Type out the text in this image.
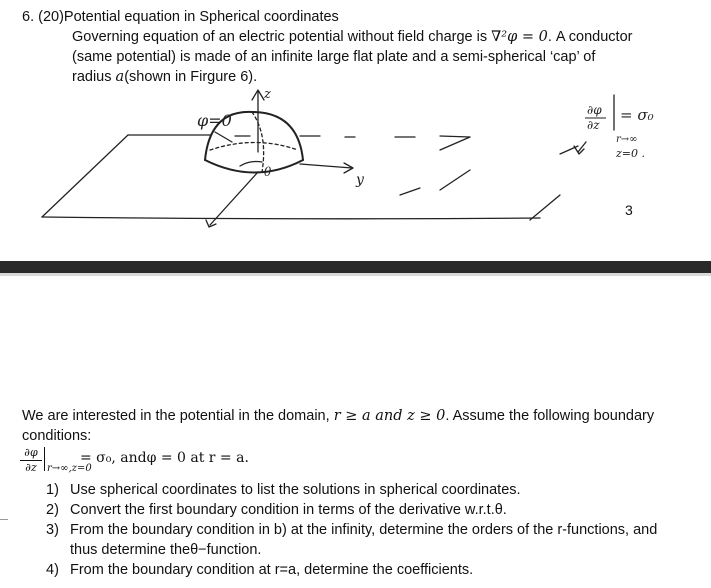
6. (20)Potential equation in Spherical coordinates
Governing equation of an electric potential without field charge is ∇²φ = 0. A conductor
(same potential) is made of an infinite large flat plate and a semi-spherical ‘cap’ of
radius a(shown in Firgure 6).
φ=0
z
y
θ
∂φ
∂z
= σ₀
r→∞
z=0 .
3
We are interested in the potential in the domain, r ≥ a and z ≥ 0. Assume the following boundary conditions:
$\frac{\partial\varphi}{\partial z} r\to\infty,z=0$
= σ₀, andφ = 0 at r = a.
1) Use spherical coordinates to list the solutions in spherical coordinates.
2) Convert the first boundary condition in terms of the derivative w.r.t.θ.
3) From the boundary condition in b) at the infinity, determine the orders of the r-functions, and thus determine theθ−function.
4) From the boundary condition at r=a, determine the coefficients.
